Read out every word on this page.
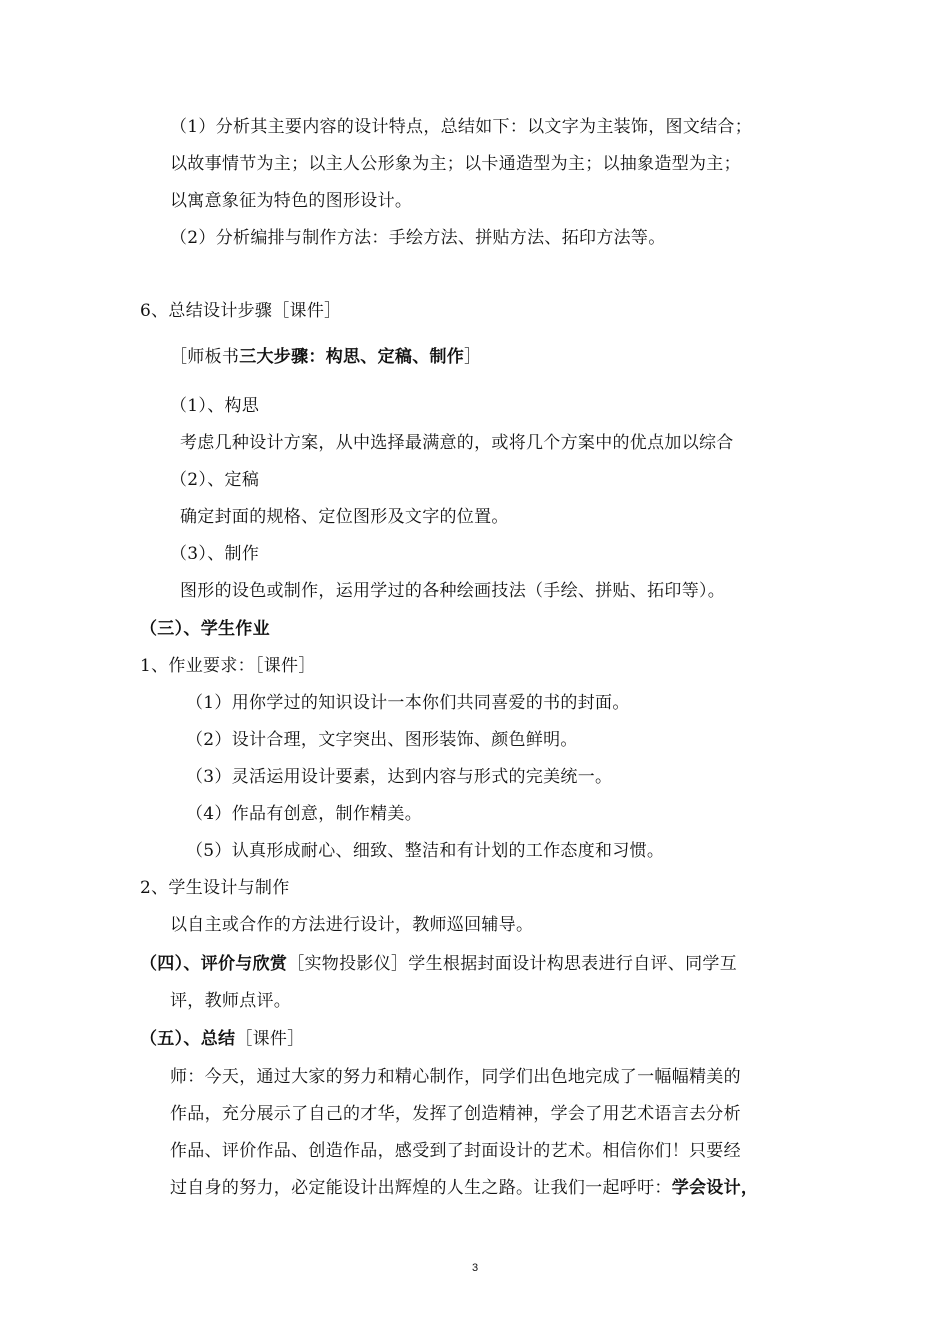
（1）分析其主要内容的设计特点，总结如下：以文字为主装饰，图文结合；
以故事情节为主；以主人公形象为主；以卡通造型为主；以抽象造型为主；
以寓意象征为特色的图形设计。
（2）分析编排与制作方法：手绘方法、拼贴方法、拓印方法等。
6、总结设计步骤［课件］
［师板书三大步骤：构思、定稿、制作］
（1）、构思
考虑几种设计方案，从中选择最满意的，或将几个方案中的优点加以综合
（2）、定稿
确定封面的规格、定位图形及文字的位置。
（3）、制作
图形的设色或制作，运用学过的各种绘画技法（手绘、拼贴、拓印等）。
（三）、学生作业
1、作业要求：［课件］
（1）用你学过的知识设计一本你们共同喜爱的书的封面。
（2）设计合理，文字突出、图形装饰、颜色鲜明。
（3）灵活运用设计要素，达到内容与形式的完美统一。
（4）作品有创意，制作精美。
（5）认真形成耐心、细致、整洁和有计划的工作态度和习惯。
2、学生设计与制作
以自主或合作的方法进行设计，教师巡回辅导。
（四）、评价与欣赏［实物投影仪］学生根据封面设计构思表进行自评、同学互
评，教师点评。
（五）、总结［课件］
师：今天，通过大家的努力和精心制作，同学们出色地完成了一幅幅精美的
作品，充分展示了自己的才华，发挥了创造精神，学会了用艺术语言去分析
作品、评价作品、创造作品，感受到了封面设计的艺术。相信你们！只要经
过自身的努力，必定能设计出辉煌的人生之路。让我们一起呼吁：学会设计，
3
